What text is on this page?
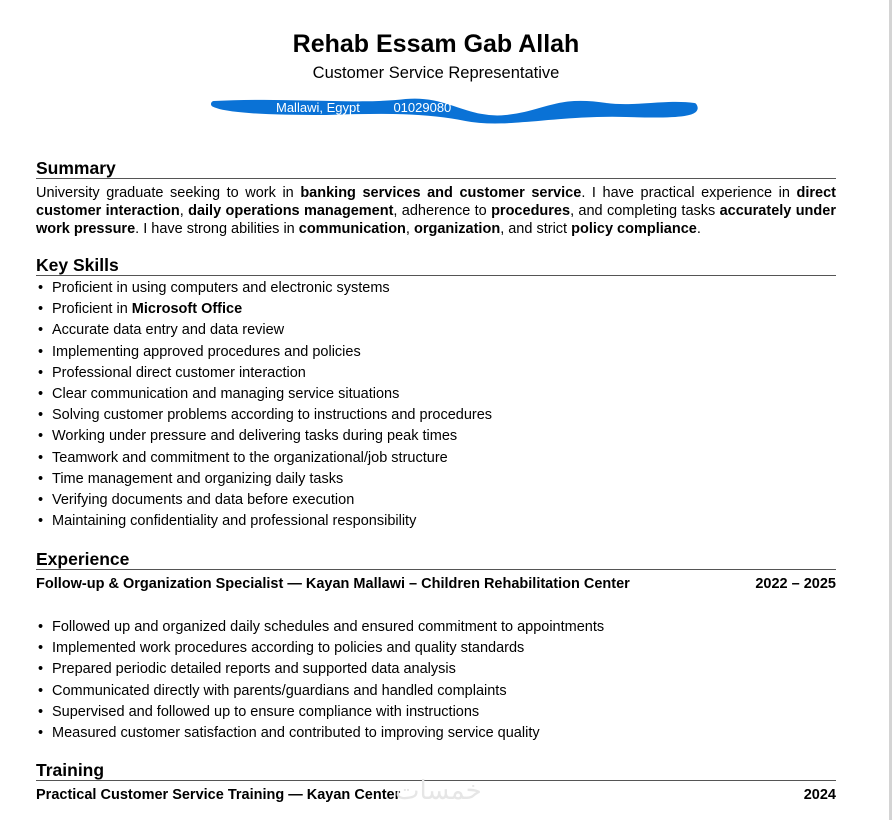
Rehab Essam Gab Allah
Customer Service Representative
Mallawi, Egypt	01029080
Summary
University graduate seeking to work in banking services and customer service. I have practical experience in direct customer interaction, daily operations management, adherence to procedures, and completing tasks accurately under work pressure. I have strong abilities in communication, organization, and strict policy compliance.
Key Skills
• Proficient in using computers and electronic systems
• Proficient in Microsoft Office
• Accurate data entry and data review
• Implementing approved procedures and policies
• Professional direct customer interaction
• Clear communication and managing service situations
• Solving customer problems according to instructions and procedures
• Working under pressure and delivering tasks during peak times
• Teamwork and commitment to the organizational/job structure
• Time management and organizing daily tasks
• Verifying documents and data before execution
• Maintaining confidentiality and professional responsibility
Experience
Follow-up & Organization Specialist — Kayan Mallawi – Children Rehabilitation Center	2022 – 2025
• Followed up and organized daily schedules and ensured commitment to appointments
• Implemented work procedures according to policies and quality standards
• Prepared periodic detailed reports and supported data analysis
• Communicated directly with parents/guardians and handled complaints
• Supervised and followed up to ensure compliance with instructions
• Measured customer satisfaction and contributed to improving service quality
Training
Practical Customer Service Training — Kayan Center	2024
خمسات
